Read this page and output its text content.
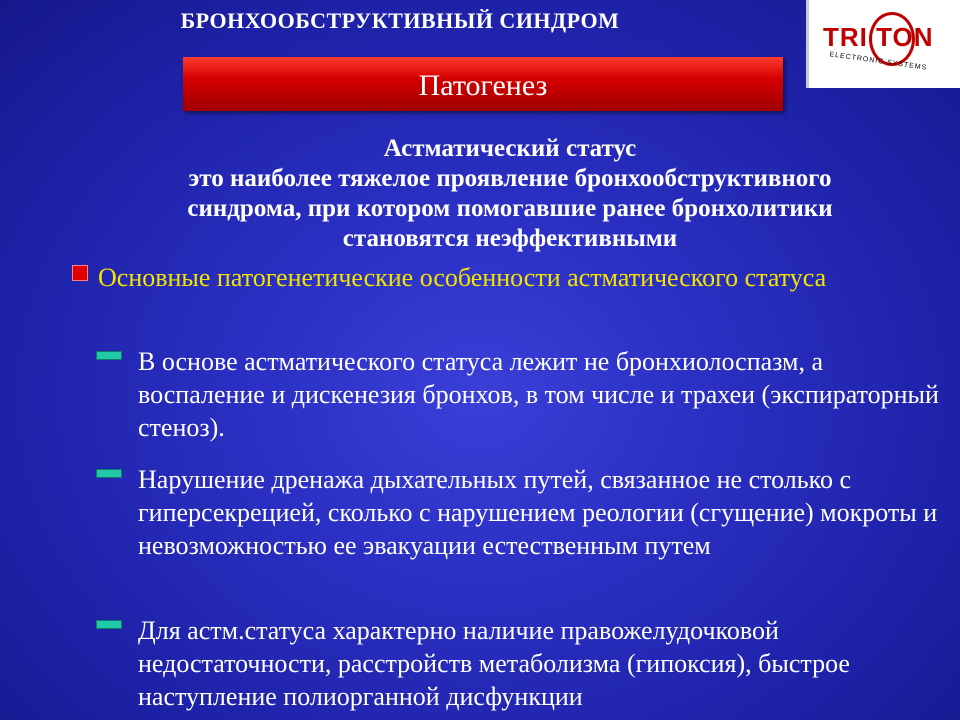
БРОНХООБСТРУКТИВНЫЙ СИНДРОМ
TRI TON
ELECTRONIC SYSTEMS
Патогенез
Астматический статус
это наиболее тяжелое проявление бронхообструктивного
синдрома, при котором помогавшие ранее бронхолитики
становятся неэффективными
Основные патогенетические особенности астматического статуса
В основе астматического статуса лежит не бронхиолоспазм, а воспаление и дискенезия бронхов, в том числе и трахеи (экспираторный стеноз).
Нарушение дренажа дыхательных путей, связанное не столько с гиперсекрецией, сколько с нарушением реологии (сгущение) мокроты и невозможностью ее эвакуации естественным путем
Для астм.статуса характерно наличие правожелудочковой недостаточности, расстройств метаболизма (гипоксия), быстрое наступление полиорганной дисфункции
